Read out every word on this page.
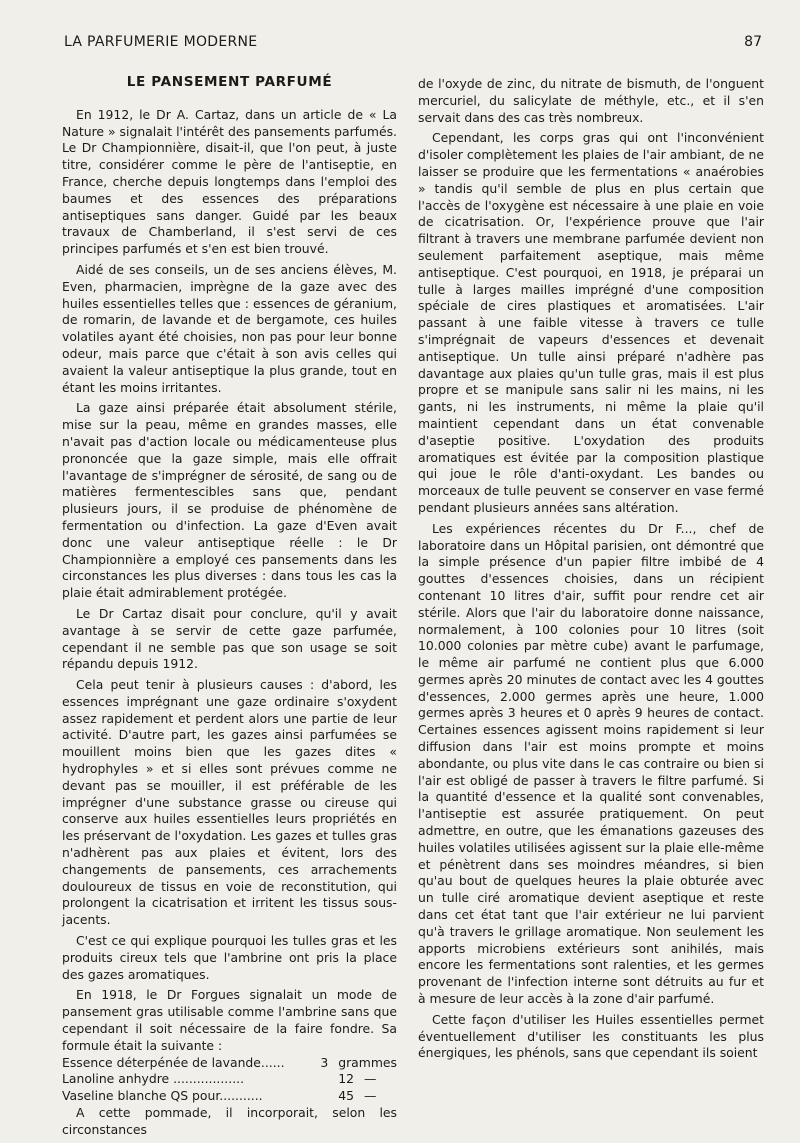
LA PARFUMERIE MODERNE	87
LE PANSEMENT PARFUMÉ

En 1912, le Dr A. Cartaz, dans un article de « La Nature » signalait l'intérêt des pansements parfumés. Le Dr Championnière, disait-il, que l'on peut, à juste titre, considérer comme le père de l'antiseptie, en France, cherche depuis longtemps dans l'emploi des baumes et des essences des préparations antiseptiques sans danger. Guidé par les beaux travaux de Chamberland, il s'est servi de ces principes parfumés et s'en est bien trouvé.

Aidé de ses conseils, un de ses anciens élèves, M. Even, pharmacien, imprègne de la gaze avec des huiles essentielles telles que : essences de géranium, de romarin, de lavande et de bergamote, ces huiles volatiles ayant été choisies, non pas pour leur bonne odeur, mais parce que c'était à son avis celles qui avaient la valeur antiseptique la plus grande, tout en étant les moins irritantes.

La gaze ainsi préparée était absolument stérile, mise sur la peau, même en grandes masses, elle n'avait pas d'action locale ou médicamenteuse plus prononcée que la gaze simple, mais elle offrait l'avantage de s'imprégner de sérosité, de sang ou de matières fermentescibles sans que, pendant plusieurs jours, il se produise de phénomène de fermentation ou d'infection. La gaze d'Even avait donc une valeur antiseptique réelle : le Dr Championnière a employé ces pansements dans les circonstances les plus diverses : dans tous les cas la plaie était admirablement protégée.

Le Dr Cartaz disait pour conclure, qu'il y avait avantage à se servir de cette gaze parfumée, cependant il ne semble pas que son usage se soit répandu depuis 1912.

Cela peut tenir à plusieurs causes : d'abord, les essences imprégnant une gaze ordinaire s'oxydent assez rapidement et perdent alors une partie de leur activité. D'autre part, les gazes ainsi parfumées se mouillent moins bien que les gazes dites « hydrophyles » et si elles sont prévues comme ne devant pas se mouiller, il est préférable de les imprégner d'une substance grasse ou cireuse qui conserve aux huiles essentielles leurs propriétés en les préservant de l'oxydation. Les gazes et tulles gras n'adhèrent pas aux plaies et évitent, lors des changements de pansements, ces arrachements douloureux de tissus en voie de reconstitution, qui prolongent la cicatrisation et irritent les tissus sous-jacents.

C'est ce qui explique pourquoi les tulles gras et les produits cireux tels que l'ambrine ont pris la place des gazes aromatiques.

En 1918, le Dr Forgues signalait un mode de pansement gras utilisable comme l'ambrine sans que cependant il soit nécessaire de la faire fondre. Sa formule était la suivante :

Essence déterpénée de lavande......	3 grammes
Lanoline anhydre ..................	12 —
Vaseline blanche QS pour...........	45 —

A cette pommade, il incorporait, selon les circonstances

de l'oxyde de zinc, du nitrate de bismuth, de l'onguent mercuriel, du salicylate de méthyle, etc., et il s'en servait dans des cas très nombreux.

Cependant, les corps gras qui ont l'inconvénient d'isoler complètement les plaies de l'air ambiant, de ne laisser se produire que les fermentations « anaérobies » tandis qu'il semble de plus en plus certain que l'accès de l'oxygène est nécessaire à une plaie en voie de cicatrisation. Or, l'expérience prouve que l'air filtrant à travers une membrane parfumée devient non seulement parfaitement aseptique, mais même antiseptique. C'est pourquoi, en 1918, je préparai un tulle à larges mailles imprégné d'une composition spéciale de cires plastiques et aromatisées. L'air passant à une faible vitesse à travers ce tulle s'imprégnait de vapeurs d'essences et devenait antiseptique. Un tulle ainsi préparé n'adhère pas davantage aux plaies qu'un tulle gras, mais il est plus propre et se manipule sans salir ni les mains, ni les gants, ni les instruments, ni même la plaie qu'il maintient cependant dans un état convenable d'aseptie positive. L'oxydation des produits aromatiques est évitée par la composition plastique qui joue le rôle d'anti-oxydant. Les bandes ou morceaux de tulle peuvent se conserver en vase fermé pendant plusieurs années sans altération.

Les expériences récentes du Dr F..., chef de laboratoire dans un Hôpital parisien, ont démontré que la simple présence d'un papier filtre imbibé de 4 gouttes d'essences choisies, dans un récipient contenant 10 litres d'air, suffit pour rendre cet air stérile. Alors que l'air du laboratoire donne naissance, normalement, à 100 colonies pour 10 litres (soit 10.000 colonies par mètre cube) avant le parfumage, le même air parfumé ne contient plus que 6.000 germes après 20 minutes de contact avec les 4 gouttes d'essences, 2.000 germes après une heure, 1.000 germes après 3 heures et 0 après 9 heures de contact. Certaines essences agissent moins rapidement si leur diffusion dans l'air est moins prompte et moins abondante, ou plus vite dans le cas contraire ou bien si l'air est obligé de passer à travers le filtre parfumé. Si la quantité d'essence et la qualité sont convenables, l'antiseptie est assurée pratiquement. On peut admettre, en outre, que les émanations gazeuses des huiles volatiles utilisées agissent sur la plaie elle-même et pénètrent dans ses moindres méandres, si bien qu'au bout de quelques heures la plaie obturée avec un tulle ciré aromatique devient aseptique et reste dans cet état tant que l'air extérieur ne lui parvient qu'à travers le grillage aromatique. Non seulement les apports microbiens extérieurs sont anihilés, mais encore les fermentations sont ralenties, et les germes provenant de l'infection interne sont détruits au fur et à mesure de leur accès à la zone d'air parfumé.

Cette façon d'utiliser les Huiles essentielles permet éventuellement d'utiliser les constituants les plus énergiques, les phénols, sans que cependant ils soient
